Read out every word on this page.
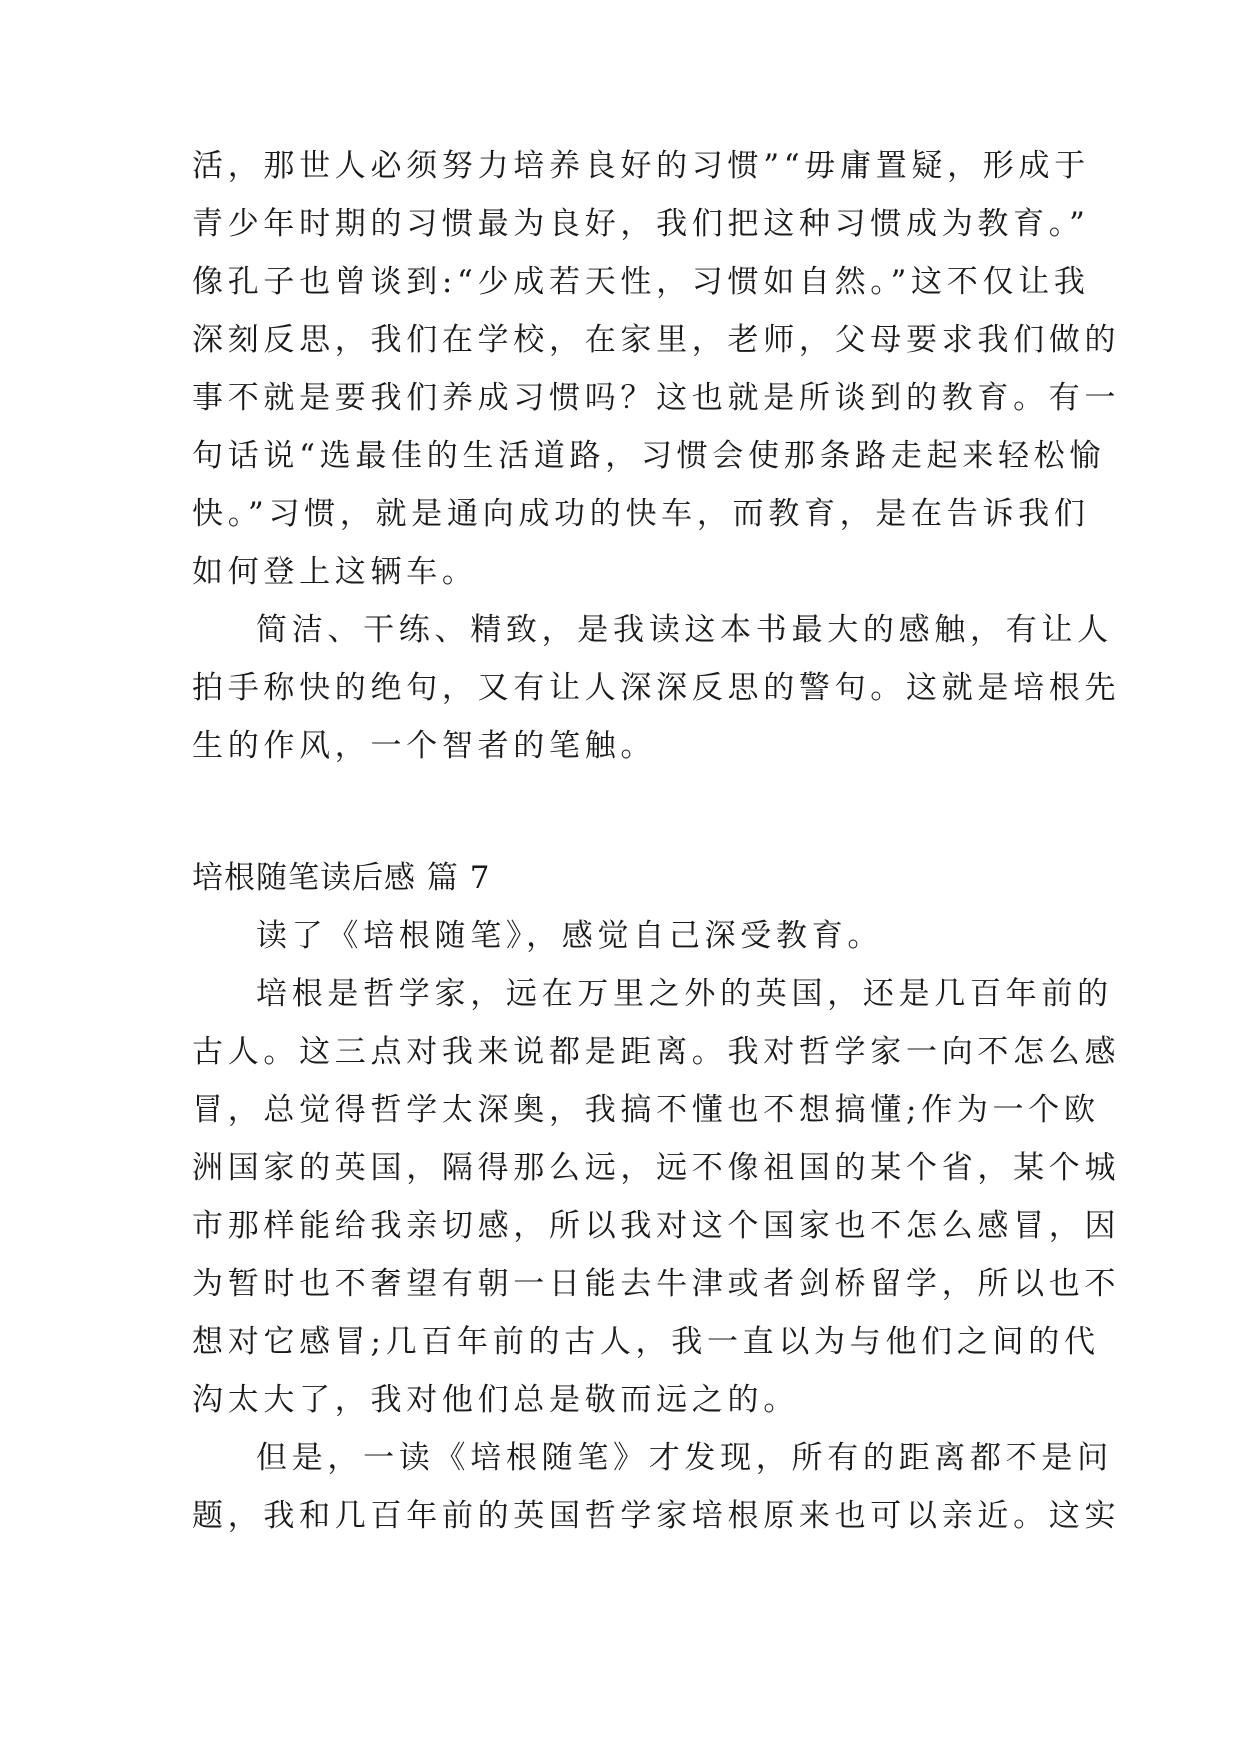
活，那世人必须努力培养良好的习惯”“毋庸置疑，形成于
青少年时期的习惯最为良好，我们把这种习惯成为教育。”
像孔子也曾谈到:“少成若天性，习惯如自然。”这不仅让我
深刻反思，我们在学校，在家里，老师，父母要求我们做的
事不就是要我们养成习惯吗？这也就是所谈到的教育。有一
句话说“选最佳的生活道路，习惯会使那条路走起来轻松愉
快。”习惯，就是通向成功的快车，而教育，是在告诉我们
如何登上这辆车。
简洁、干练、精致，是我读这本书最大的感触，有让人
拍手称快的绝句，又有让人深深反思的警句。这就是培根先
生的作风，一个智者的笔触。
培根随笔读后感 篇 7
读了《培根随笔》，感觉自己深受教育。
培根是哲学家，远在万里之外的英国，还是几百年前的
古人。这三点对我来说都是距离。我对哲学家一向不怎么感
冒，总觉得哲学太深奥，我搞不懂也不想搞懂;作为一个欧
洲国家的英国，隔得那么远，远不像祖国的某个省，某个城
市那样能给我亲切感，所以我对这个国家也不怎么感冒，因
为暂时也不奢望有朝一日能去牛津或者剑桥留学，所以也不
想对它感冒;几百年前的古人，我一直以为与他们之间的代
沟太大了，我对他们总是敬而远之的。
但是，一读《培根随笔》才发现，所有的距离都不是问
题，我和几百年前的英国哲学家培根原来也可以亲近。这实
